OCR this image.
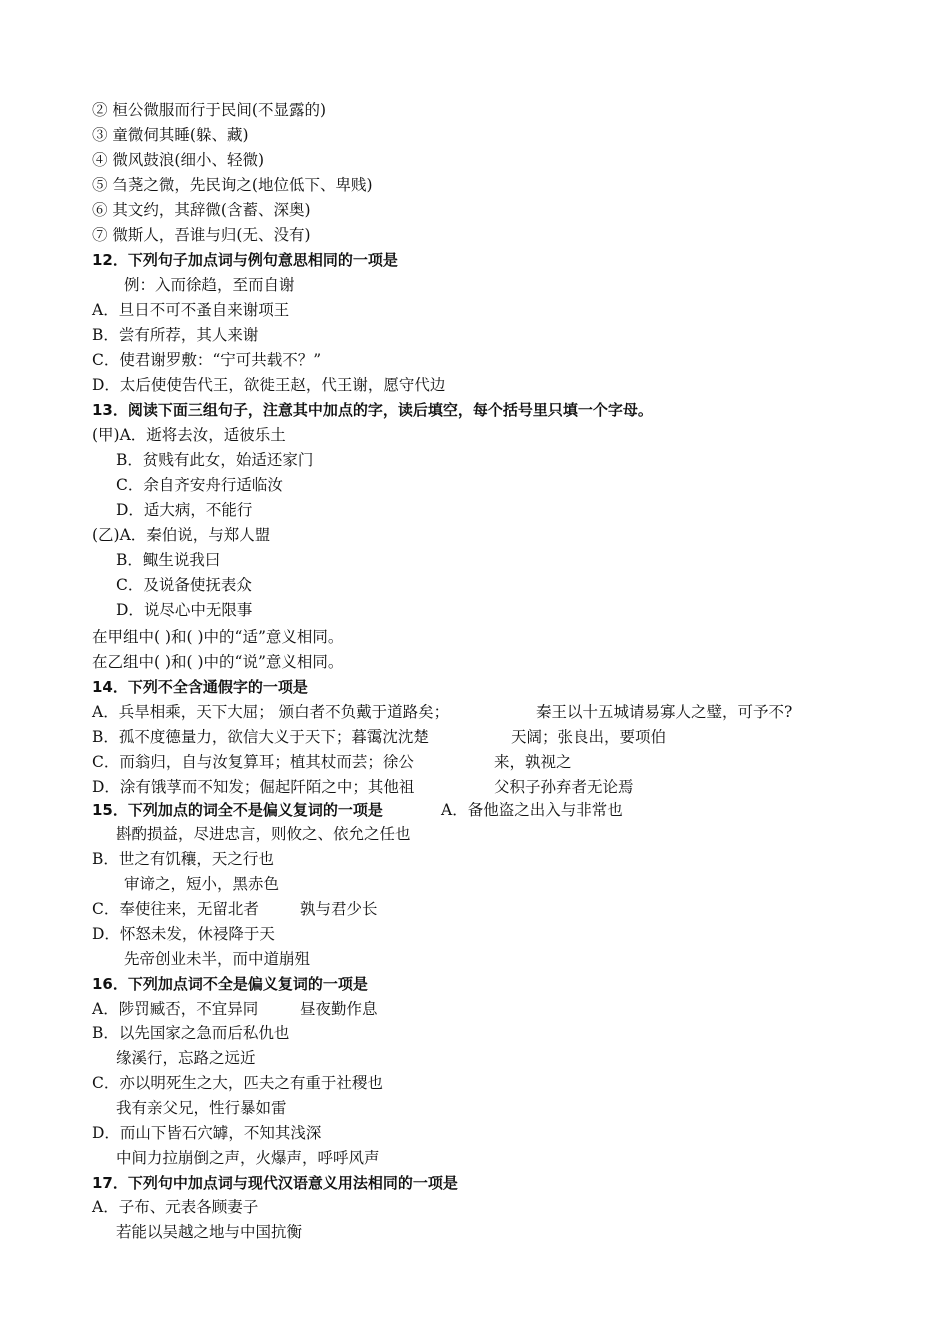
② 桓公微服而行于民间(不显露的)
③ 童微伺其睡(躲、藏)
④ 微风鼓浪(细小、轻微)
⑤ 刍荛之微，先民询之(地位低下、卑贱)
⑥ 其文约，其辞微(含蓄、深奥)
⑦ 微斯人，吾谁与归(无、没有)
12．下列句子加点词与例句意思相同的一项是
例：入而徐趋，至而自谢
A．旦日不可不蚤自来谢项王
B．尝有所荐，其人来谢
C．使君谢罗敷：“宁可共载不？”
D．太后使使告代王，欲徙王赵，代王谢，愿守代边
13．阅读下面三组句子，注意其中加点的字，读后填空，每个括号里只填一个字母。
(甲)A．逝将去汝，适彼乐土
B．贫贱有此女，始适还家门
C．余自齐安舟行适临汝
D．适大病，不能行
(乙)A．秦伯说，与郑人盟
B．鲰生说我曰
C．及说备使抚表众
D．说尽心中无限事
在甲组中( )和( )中的“适”意义相同。
在乙组中( )和( )中的“说”意义相同。
14．下列不全含通假字的一项是
A．兵旱相乘，天下大屈； 颁白者不负戴于道路矣；	秦王以十五城请易寡人之璧，可予不?
B．孤不度德量力，欲信大义于天下；暮霭沈沈楚	天阔；张良出，要项伯
C．而翁归，自与汝复算耳；植其杖而芸；徐公	来，孰视之
D．涂有饿莩而不知发；倔起阡陌之中；其他祖	父积子孙弃者无论焉
15．下列加点的词全不是偏义复词的一项是	A．备他盗之出入与非常也
斟酌损益，尽进忠言，则攸之、依允之任也
B．世之有饥穰，天之行也
审谛之，短小，黑赤色
C．奉使往来，无留北者	孰与君少长
D．怀怒未发，休祲降于天
先帝创业未半，而中道崩殂
16．下列加点词不全是偏义复词的一项是
A．陟罚臧否，不宜异同	昼夜勤作息
B．以先国家之急而后私仇也
缘溪行，忘路之远近
C．亦以明死生之大，匹夫之有重于社稷也
我有亲父兄，性行暴如雷
D．而山下皆石穴罅，不知其浅深
中间力拉崩倒之声，火爆声，呼呼风声
17．下列句中加点词与现代汉语意义用法相同的一项是
A．子布、元表各顾妻子
若能以吴越之地与中国抗衡
